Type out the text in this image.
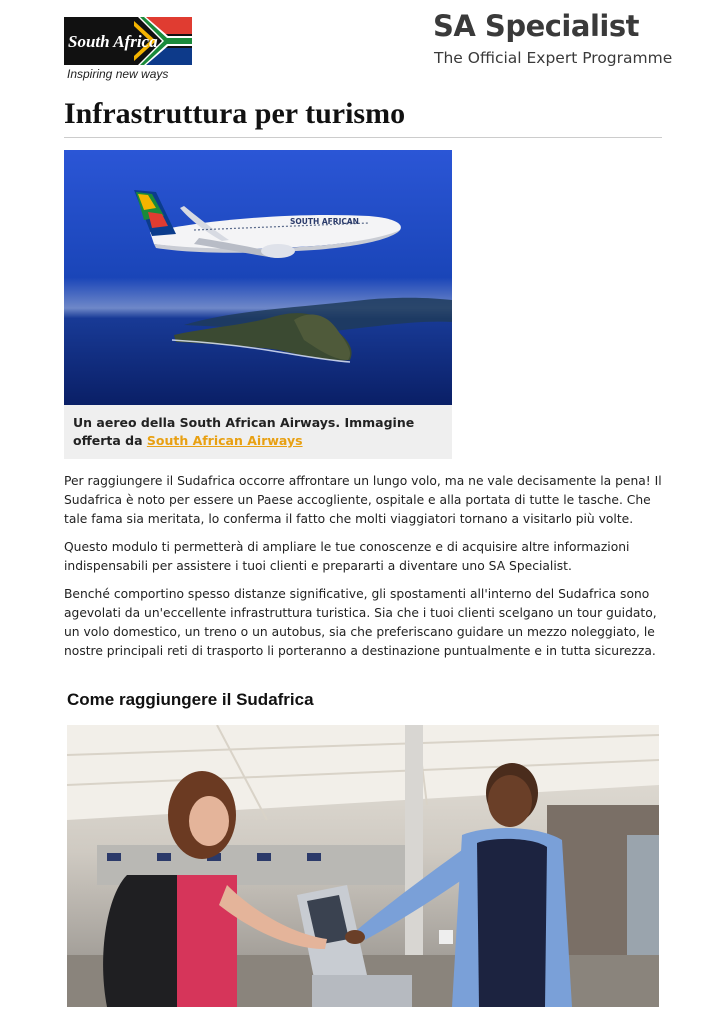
South Africa
Inspiring new ways
SA Specialist
The Official Expert Programme
Infrastruttura per turismo
SOUTH AFRICAN
Un aereo della South African Airways. Immagine offerta da South African Airways

Per raggiungere il Sudafrica occorre affrontare un lungo volo, ma ne vale decisamente la pena! Il Sudafrica è noto per essere un Paese accogliente, ospitale e alla portata di tutte le tasche. Che tale fama sia meritata, lo conferma il fatto che molti viaggiatori tornano a visitarlo più volte.

Questo modulo ti permetterà di ampliare le tue conoscenze e di acquisire altre informazioni indispensabili per assistere i tuoi clienti e prepararti a diventare uno SA Specialist.

Benché comportino spesso distanze significative, gli spostamenti all'interno del Sudafrica sono agevolati da un'eccellente infrastruttura turistica. Sia che i tuoi clienti scelgano un tour guidato, un volo domestico, un treno o un autobus, sia che preferiscano guidare un mezzo noleggiato, le nostre principali reti di trasporto li porteranno a destinazione puntualmente e in tutta sicurezza.

Come raggiungere il Sudafrica
